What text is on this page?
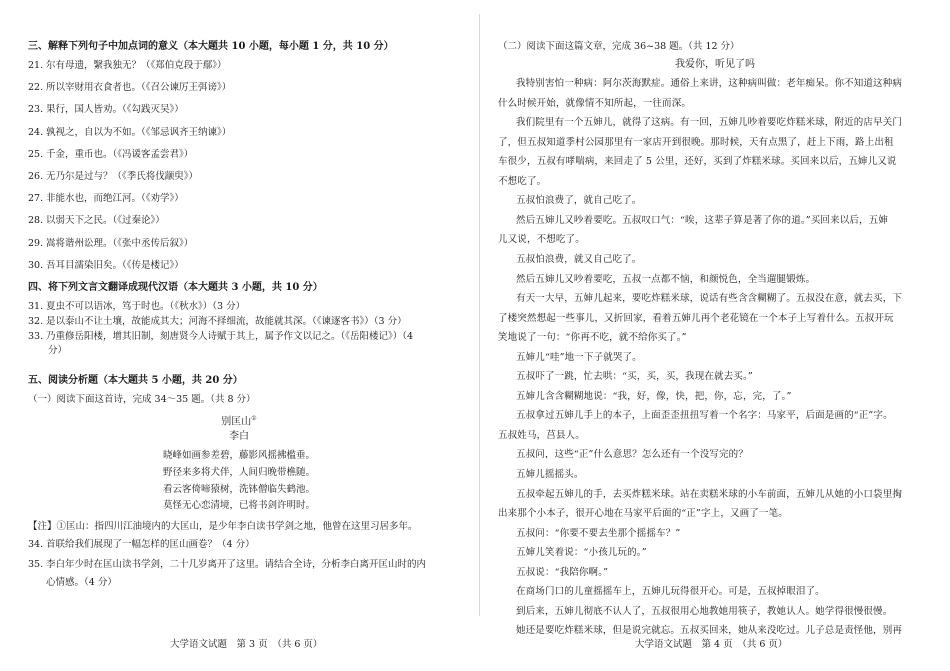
三、解释下列句子中加点词的意义（本大题共 10 小题，每小题 1 分，共 10 分）
21. 尔有母遗，繄我独无？（《郑伯克段于鄢》）
22. 所以宰财用衣食者也。（《召公谏厉王弭谤》）
23. 果行，国人皆劝。（《勾践灭吴》）
24. 孰视之，自以为不如。（《邹忌讽齐王纳谏》）
25. 千金，重币也。（《冯谖客孟尝君》）
26. 无乃尔是过与？（《季氏将伐颛臾》）
27. 非能水也，而绝江河。（《劝学》）
28. 以弱天下之民。（《过秦论》）
29. 嵩将谐州讼理。（《张中丞传后叙》）
30. 吾耳目濡染旧矣。（《传是楼记》）
四、将下列文言文翻译成现代汉语（本大题共 3 小题，共 10 分）
31. 夏虫不可以语冰，笃于时也。（《秋水》）（3 分）
32. 是以泰山不让土壤，故能成其大；河海不择细流，故能就其深。（《谏逐客书》）（3 分）
33. 乃重修岳阳楼，增其旧制，刻唐贤今人诗赋于其上，属予作文以记之。（《岳阳楼记》）（4
分）
五、阅读分析题（本大题共 5 小题，共 20 分）
（一）阅读下面这首诗，完成 34～35 题。（共 8 分）
别匡山①
李白
晓峰如画参差碧，藤影风摇拂槛垂。
野径来多将犬伴，人间归晚带樵随。
看云客倚啼猿树，洗钵僧临失鹤池。
莫怪无心恋清境，已将书剑许明时。
【注】①匡山：指四川江油境内的大匡山，是少年李白读书学剑之地，他曾在这里习居多年。
34. 首联给我们展现了一幅怎样的匡山画卷？（4 分）
35. 李白年少时在匡山读书学剑，二十几岁离开了这里。请结合全诗，分析李白离开匡山时的内
心情感。（4 分）
大学语文试题　第 3 页　（共 6 页）
（二）阅读下面这篇文章，完成 36~38 题。（共 12 分）
我爱你，听见了吗
我特别害怕一种病：阿尔茨海默症。通俗上来讲，这种病叫做：老年痴呆。你不知道这种病
什么时候开始，就像情不知所起，一往而深。
我们院里有一个五婶儿，就得了这病。有一回，五婶儿吵着要吃炸糕米球，附近的店早关门
了，但五叔知道季村公园那里有一家店开到很晚。那时候，天有点黑了，赶上下雨，路上出租
车很少，五叔有哮喘病，来回走了 5 公里，还好，买到了炸糕米球。买回来以后，五婶儿又说
不想吃了。
五叔怕浪费了，就自己吃了。
然后五婶儿又吵着要吃。五叔叹口气：“唉，这辈子算是著了你的道。”买回来以后，五婶
儿又说，不想吃了。
五叔怕浪费，就又自己吃了。
然后五婶儿又吵着要吃，五叔一点都不恼，和颜悦色，全当遛腿锻炼。
有天一大早，五婶儿起来，要吃炸糕米球，说话有些含含糊糊了。五叔没在意，就去买，下
了楼突然想起一些事儿，又折回家，看着五婶儿再个老花镜在一个本子上写着什么。五叔开玩
笑地说了一句：“你再不吃，就不给你买了。”
五婶儿“哇”地一下子就哭了。
五叔吓了一跳，忙去哄：“买，买，买，我现在就去买。”
五婶儿含含糊糊地说：“我，好，像，快，把，你，忘，完，了。”
五叔拿过五婶儿手上的本子，上面歪歪扭扭写着一个名字：马家平，后面是画的“正”字。
五叔姓马，莒县人。
五叔问，这些“正”什么意思？怎么还有一个没写完的？
五婶儿摇摇头。
五叔牵起五婶儿的手，去买炸糕米球。站在卖糕米球的小车前面，五婶儿从她的小口袋里掏
出来那个小本子，很开心地在马家平后面的“正”字上，又画了一笔。
五叔问：“你要不要去坐那个摇摇车？”
五婶儿笑着说：“小孩儿玩的。”
五叔说：“我陪你啊。”
在商场门口的儿童摇摇车上，五婶儿玩得很开心。可是，五叔掉眼泪了。
到后来，五婶儿彻底不认人了，五叔很用心地教她用筷子，教她认人。她学得很慢很慢。
她还是要吃炸糕米球，但是说完就忘。五叔买回来，她从来没吃过。儿子总是责怪他，别再
大学语文试题　第 4 页　（共 6 页）
